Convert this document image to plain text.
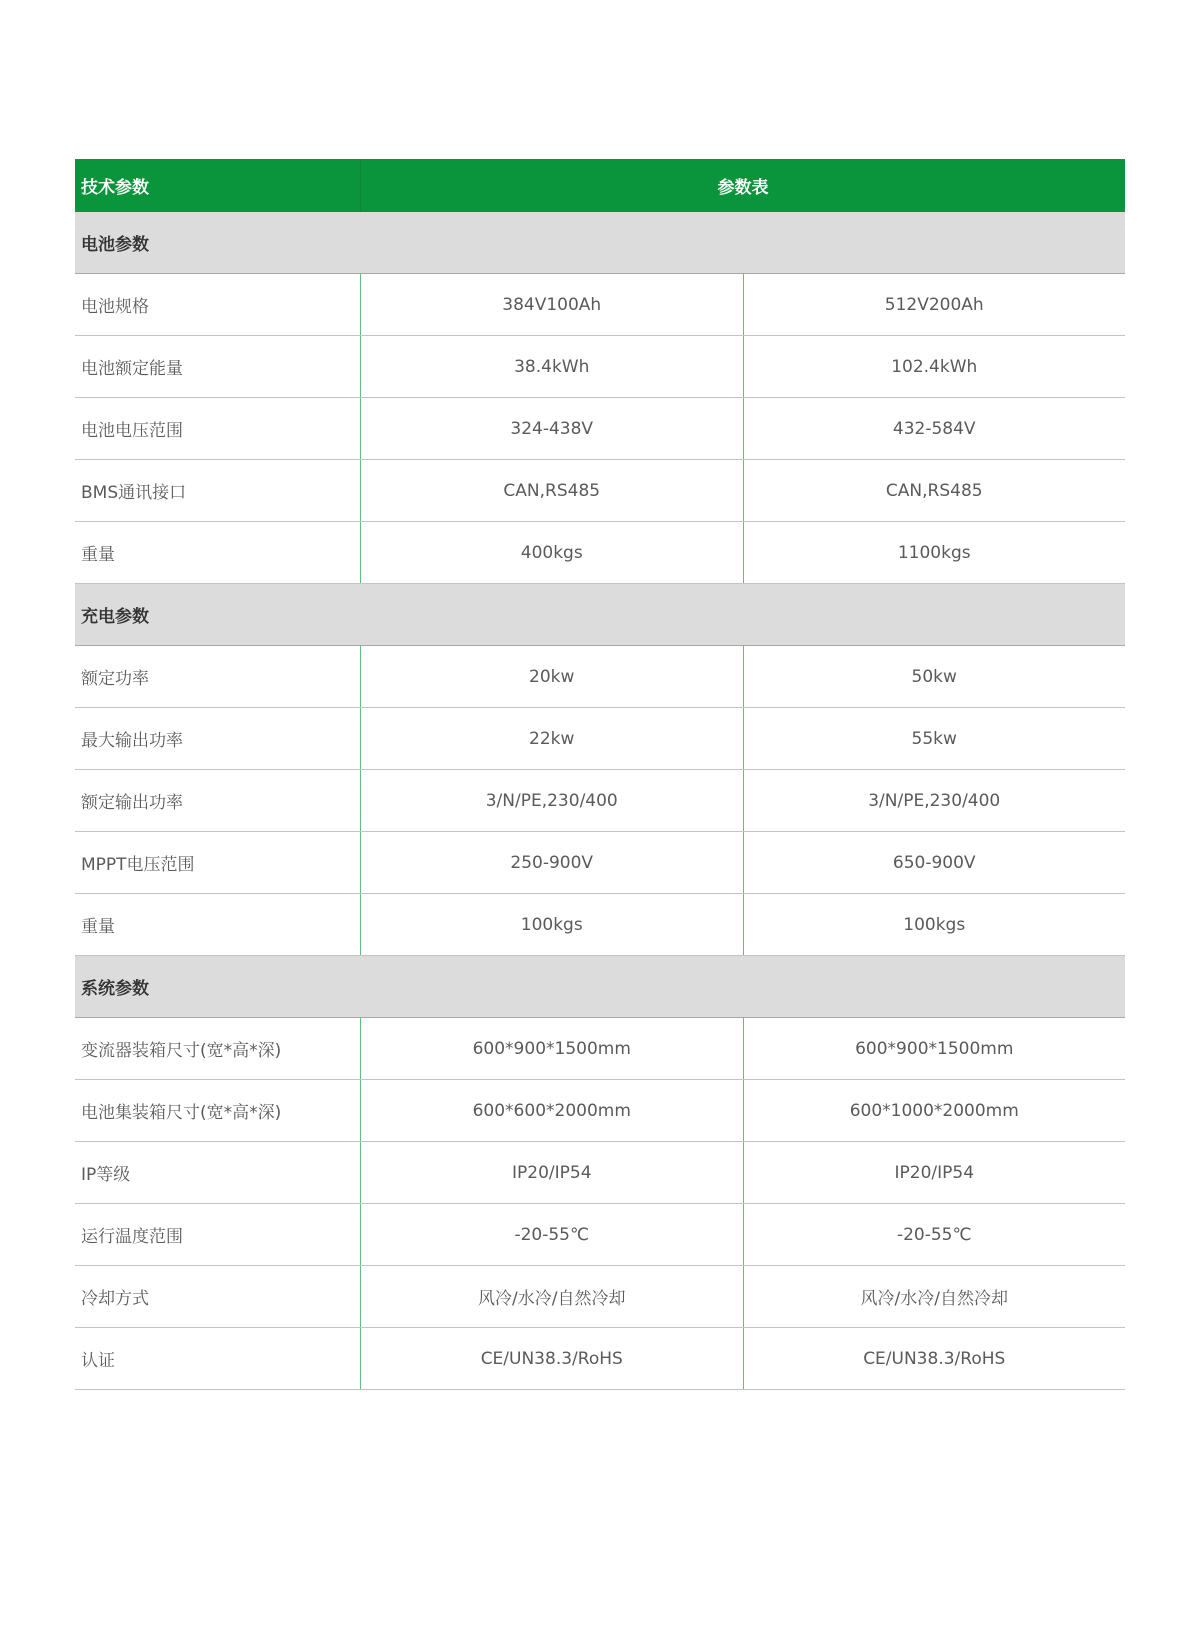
技术参数	参数表
电池参数
电池规格	384V100Ah	512V200Ah
电池额定能量	38.4kWh	102.4kWh
电池电压范围	324-438V	432-584V
BMS通讯接口	CAN,RS485	CAN,RS485
重量	400kgs	1100kgs
充电参数
额定功率	20kw	50kw
最大输出功率	22kw	55kw
额定输出功率	3/N/PE,230/400	3/N/PE,230/400
MPPT电压范围	250-900V	650-900V
重量	100kgs	100kgs
系统参数
变流器装箱尺寸(宽*高*深)	600*900*1500mm	600*900*1500mm
电池集装箱尺寸(宽*高*深)	600*600*2000mm	600*1000*2000mm
IP等级	IP20/IP54	IP20/IP54
运行温度范围	-20-55℃	-20-55℃
冷却方式	风冷/水冷/自然冷却	风冷/水冷/自然冷却
认证	CE/UN38.3/RoHS	CE/UN38.3/RoHS
